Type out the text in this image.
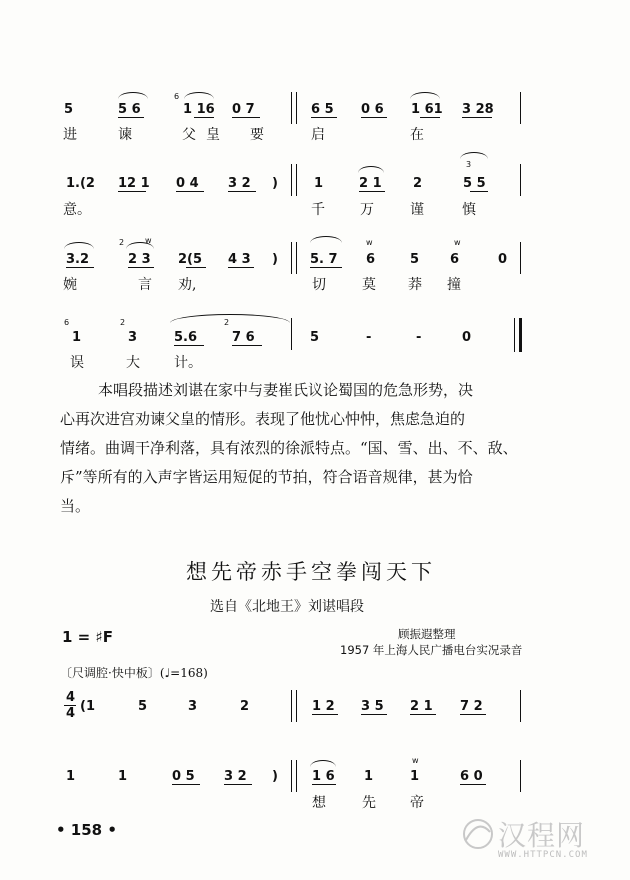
5	5 6	1 16 0 7	6 5 0 6 1 61 3 28
6
进	谏	父皇 要	启	在
1.(2 12 1 0 4 3 2 )	1	2 1 2	5 5
3
意。	千	万	谨	慎
3.2	2 3 2(5 4 3 ) 5. 7 6	5 6	0
2	w	w	w
婉	言 劝,	切	莫 莽 撞
1	3	5.6	7 6	5	-	-	0
6	2	2
误	大 计。
本唱段描述刘谌在家中与妻崔氏议论蜀国的危急形势，决
心再次进宫劝谏父皇的情形。表现了他忧心忡忡，焦虑急迫的
情绪。曲调干净利落，具有浓烈的徐派特点。“国、雪、出、不、敌、
斥”等所有的入声字皆运用短促的节拍，符合语音规律，甚为恰
当。
想先帝赤手空拳闯天下
选自《北地王》刘谌唱段
1 = ♯F	顾振遐整理
1957 年上海人民广播电台实况录音
〔尺调腔·快中板〕(♩=168)
4
4 (1	5	3	2	1 2 3 5 2 1 7 2
1	1	0 5 3 2 )	1 6 1	1	6 0
w
想	先 帝
• 158 •	汉程网
WWW.HTTPCN.COM
